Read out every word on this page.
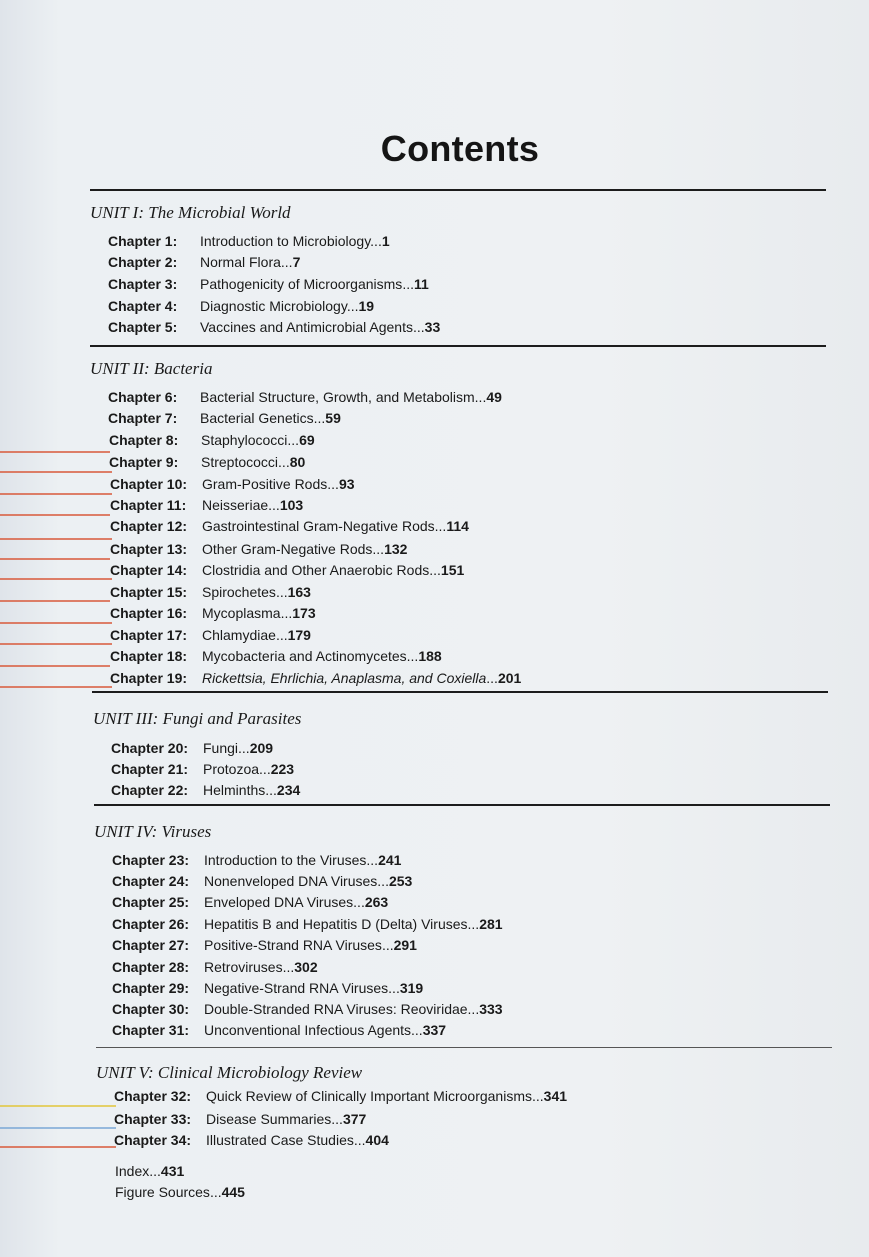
Contents
UNIT I: The Microbial World
Chapter 1: Introduction to Microbiology...1
Chapter 2: Normal Flora...7
Chapter 3: Pathogenicity of Microorganisms...11
Chapter 4: Diagnostic Microbiology...19
Chapter 5: Vaccines and Antimicrobial Agents...33
UNIT II: Bacteria
Chapter 6: Bacterial Structure, Growth, and Metabolism...49
Chapter 7: Bacterial Genetics...59
Chapter 8: Staphylococci...69
Chapter 9: Streptococci...80
Chapter 10: Gram-Positive Rods...93
Chapter 11: Neisseriae...103
Chapter 12: Gastrointestinal Gram-Negative Rods...114
Chapter 13: Other Gram-Negative Rods...132
Chapter 14: Clostridia and Other Anaerobic Rods...151
Chapter 15: Spirochetes...163
Chapter 16: Mycoplasma...173
Chapter 17: Chlamydiae...179
Chapter 18: Mycobacteria and Actinomycetes...188
Chapter 19: Rickettsia, Ehrlichia, Anaplasma, and Coxiella...201
UNIT III: Fungi and Parasites
Chapter 20: Fungi...209
Chapter 21: Protozoa...223
Chapter 22: Helminths...234
UNIT IV: Viruses
Chapter 23: Introduction to the Viruses...241
Chapter 24: Nonenveloped DNA Viruses...253
Chapter 25: Enveloped DNA Viruses...263
Chapter 26: Hepatitis B and Hepatitis D (Delta) Viruses...281
Chapter 27: Positive-Strand RNA Viruses...291
Chapter 28: Retroviruses...302
Chapter 29: Negative-Strand RNA Viruses...319
Chapter 30: Double-Stranded RNA Viruses: Reoviridae...333
Chapter 31: Unconventional Infectious Agents...337
UNIT V: Clinical Microbiology Review
Chapter 32: Quick Review of Clinically Important Microorganisms...341
Chapter 33: Disease Summaries...377
Chapter 34: Illustrated Case Studies...404
Index...431
Figure Sources...445
